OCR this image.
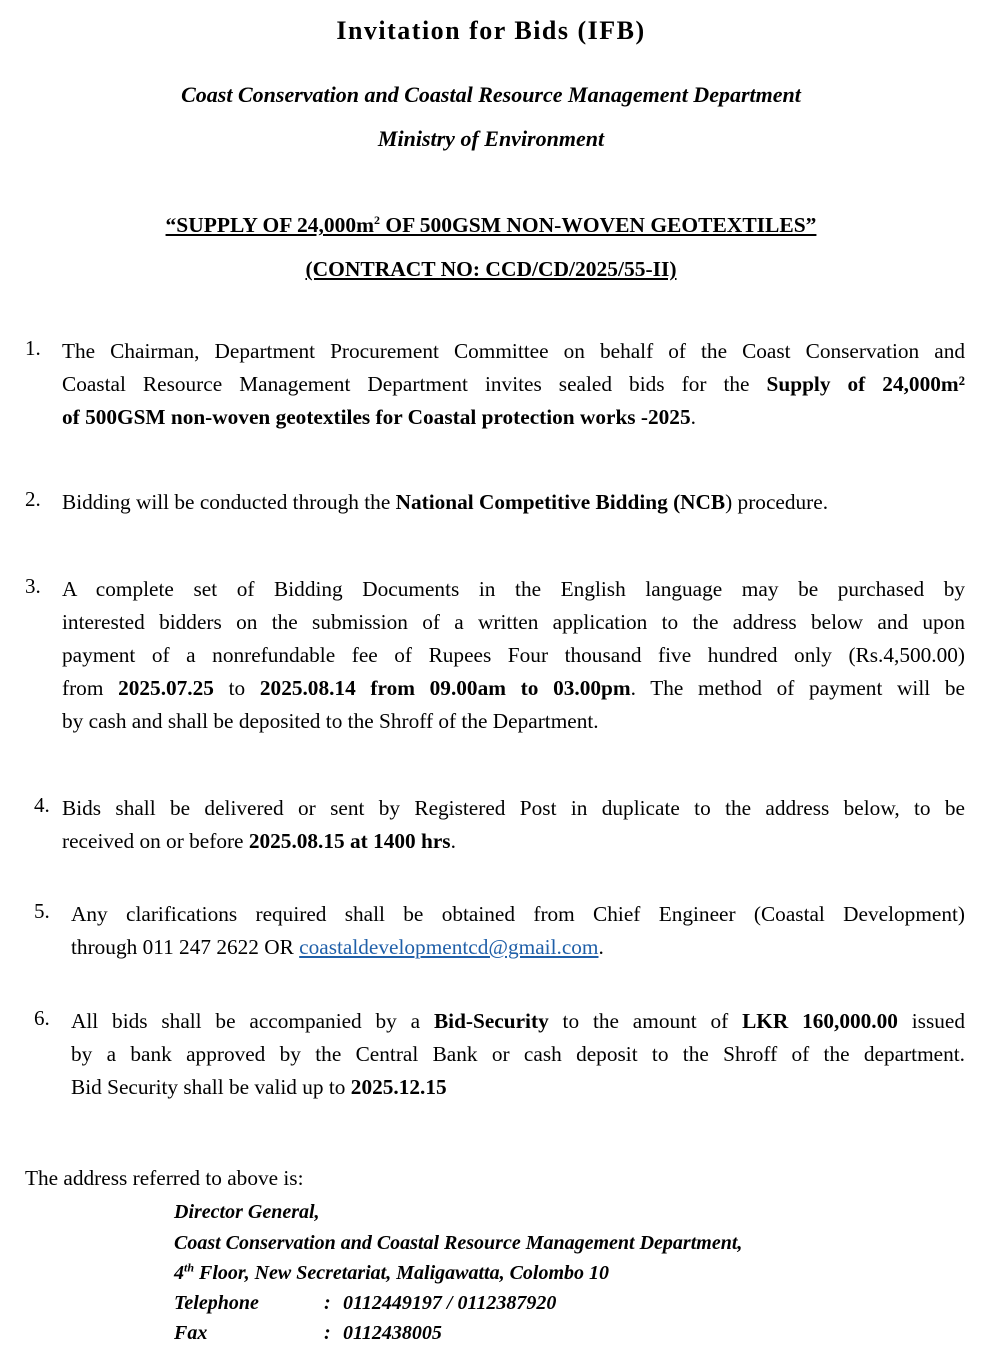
Invitation for Bids (IFB)
Coast Conservation and Coastal Resource Management Department
Ministry of Environment
“SUPPLY OF $24,000m^2$ OF 500GSM NON-WOVEN GEOTEXTILES”
(CONTRACT NO: CCD/CD/2025/55-II)
1. The Chairman, Department Procurement Committee on behalf of the Coast Conservation and
Coastal Resource Management Department invites sealed bids for the Supply of 24,000m²
of 500GSM non-woven geotextiles for Coastal protection works -2025.
2. Bidding will be conducted through the National Competitive Bidding (NCB) procedure.
3. A complete set of Bidding Documents in the English language may be purchased by
interested bidders on the submission of a written application to the address below and upon
payment of a nonrefundable fee of Rupees Four thousand five hundred only (Rs.4,500.00)
from 2025.07.25 to 2025.08.14 from 09.00am to 03.00pm. The method of payment will be
by cash and shall be deposited to the Shroff of the Department.
4. Bids shall be delivered or sent by Registered Post in duplicate to the address below, to be
received on or before 2025.08.15 at 1400 hrs.
5. Any clarifications required shall be obtained from Chief Engineer (Coastal Development)
through 011 247 2622 OR coastaldevelopmentcd@gmail.com.
6. All bids shall be accompanied by a Bid-Security to the amount of LKR 160,000.00 issued
by a bank approved by the Central Bank or cash deposit to the Shroff of the department.
Bid Security shall be valid up to 2025.12.15
The address referred to above is:
Director General,
Coast Conservation and Coastal Resource Management Department,
4th Floor, New Secretariat, Maligawatta, Colombo 10
Telephone	: 0112449197 / 0112387920
Fax	: 0112438005
